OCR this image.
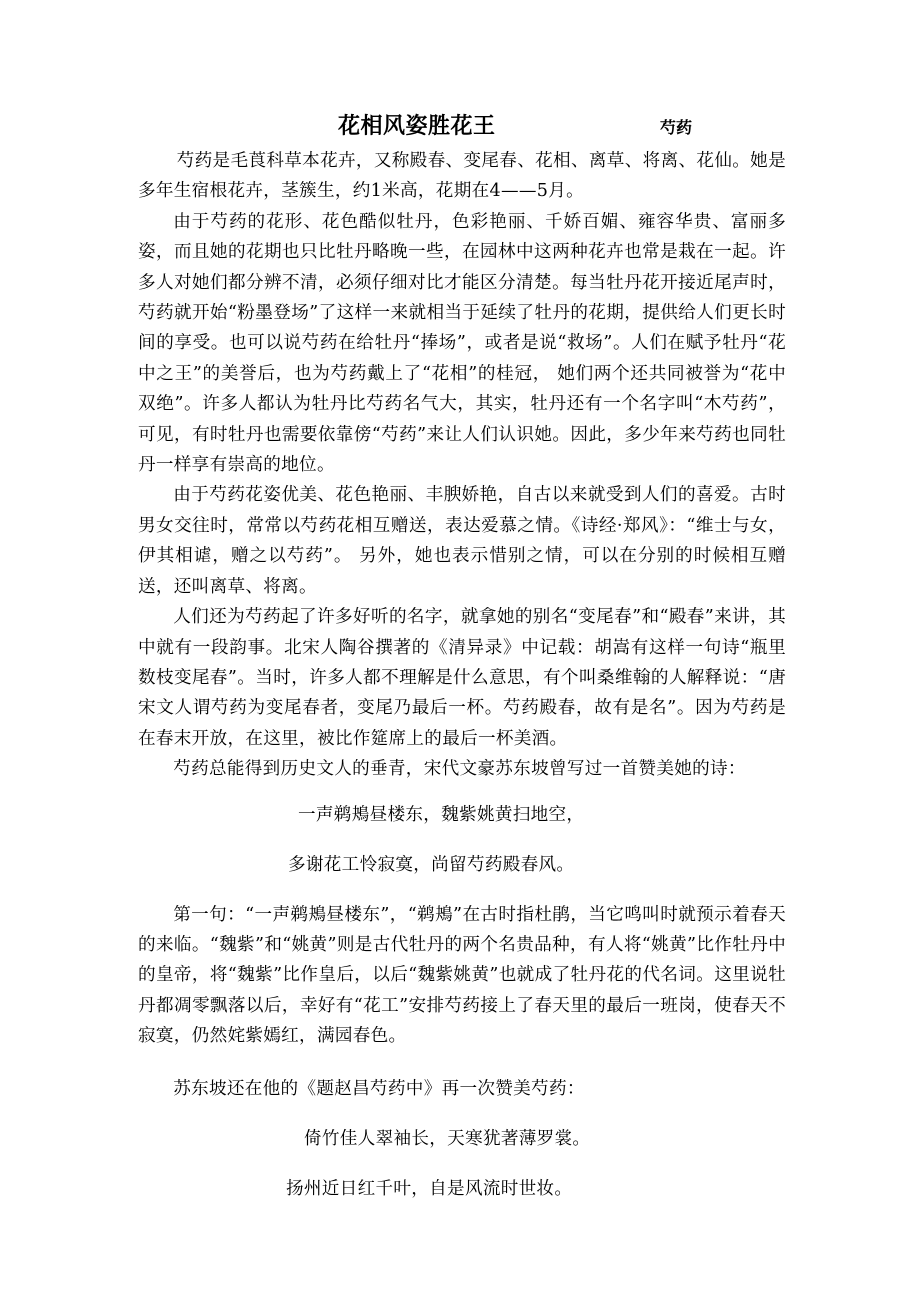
花相风姿胜花王	芍药

芍药是毛莨科草本花卉，又称殿春、变尾春、花相、离草、将离、花仙。她是多年生宿根花卉，茎簇生，约1米高，花期在4——5月。

由于芍药的花形、花色酷似牡丹，色彩艳丽、千娇百媚、雍容华贵、富丽多姿，而且她的花期也只比牡丹略晚一些，在园林中这两种花卉也常是栽在一起。许多人对她们都分辨不清，必须仔细对比才能区分清楚。每当牡丹花开接近尾声时，芍药就开始“粉墨登场”了这样一来就相当于延续了牡丹的花期，提供给人们更长时间的享受。也可以说芍药在给牡丹“捧场”，或者是说“救场”。人们在赋予牡丹“花中之王”的美誉后，也为芍药戴上了“花相”的桂冠， 她们两个还共同被誉为“花中双绝”。许多人都认为牡丹比芍药名气大，其实，牡丹还有一个名字叫“木芍药”，可见，有时牡丹也需要依靠傍“芍药”来让人们认识她。因此，多少年来芍药也同牡丹一样享有崇高的地位。

由于芍药花姿优美、花色艳丽、丰腴娇艳，自古以来就受到人们的喜爱。古时男女交往时，常常以芍药花相互赠送，表达爱慕之情。《诗经·郑风》：“维士与女，伊其相谑，赠之以芍药”。 另外，她也表示惜别之情，可以在分别的时候相互赠送，还叫离草、将离。

人们还为芍药起了许多好听的名字，就拿她的别名“变尾春”和“殿春”来讲，其中就有一段韵事。北宋人陶谷撰著的《清异录》中记载：胡嵩有这样一句诗“瓶里数枝变尾春”。当时，许多人都不理解是什么意思，有个叫桑维翰的人解释说：“唐宋文人谓芍药为变尾春者，变尾乃最后一杯。芍药殿春，故有是名”。因为芍药是在春末开放，在这里，被比作筵席上的最后一杯美酒。

芍药总能得到历史文人的垂青，宋代文豪苏东坡曾写过一首赞美她的诗：

一声鹈鴂昼楼东，魏紫姚黄扫地空，

多谢花工怜寂寞，尚留芍药殿春风。

第一句：“一声鹈鴂昼楼东”，“鹈鴂”在古时指杜鹃，当它鸣叫时就预示着春天的来临。“魏紫”和“姚黄”则是古代牡丹的两个名贵品种，有人将“姚黄”比作牡丹中的皇帝，将“魏紫”比作皇后，以后“魏紫姚黄”也就成了牡丹花的代名词。这里说牡丹都凋零飘落以后，幸好有“花工”安排芍药接上了春天里的最后一班岗，使春天不寂寞，仍然姹紫嫣红，满园春色。

苏东坡还在他的《题赵昌芍药中》再一次赞美芍药：

倚竹佳人翠袖长，天寒犹著薄罗裳。

扬州近日红千叶，自是风流时世妆。
